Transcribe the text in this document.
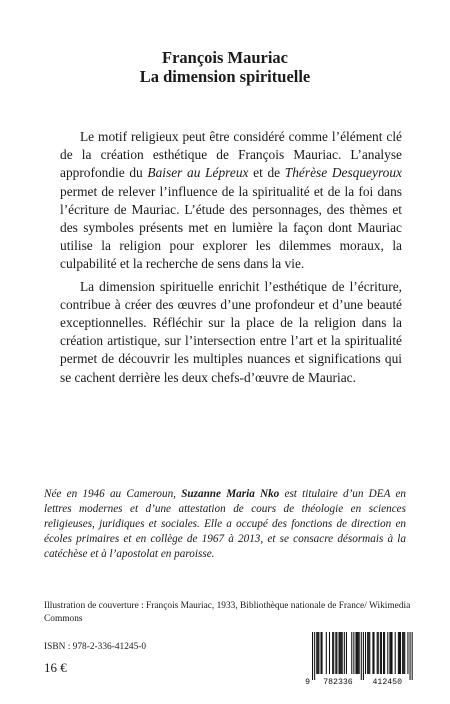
François Mauriac
La dimension spirituelle

Le motif religieux peut être considéré comme l’élément clé de la création esthétique de François Mauriac. L’analyse approfondie du Baiser au Lépreux et de Thérèse Desqueyroux permet de relever l’influence de la spiritualité et de la foi dans l’écriture de Mauriac. L’étude des personnages, des thèmes et des symboles présents met en lumière la façon dont Mauriac utilise la religion pour explorer les dilemmes moraux, la culpabilité et la recherche de sens dans la vie.

La dimension spirituelle enrichit l’esthétique de l’écriture, contribue à créer des œuvres d’une profondeur et d’une beauté exceptionnelles. Réfléchir sur la place de la religion dans la création artistique, sur l’intersection entre l’art et la spiritualité permet de découvrir les multiples nuances et significations qui se cachent derrière les deux chefs-d’œuvre de Mauriac.

Née en 1946 au Cameroun, Suzanne Maria Nko est titulaire d’un DEA en lettres modernes et d’une attestation de cours de théologie en sciences religieuses, juridiques et sociales. Elle a occupé des fonctions de direction en écoles primaires et en collège de 1967 à 2013, et se consacre désormais à la catéchèse et à l’apostolat en paroisse.

Illustration de couverture : François Mauriac, 1933, Bibliothèque nationale de France/ Wikimedia Commons
ISBN : 978-2-336-41245-0
16 €
9 782336 412450
